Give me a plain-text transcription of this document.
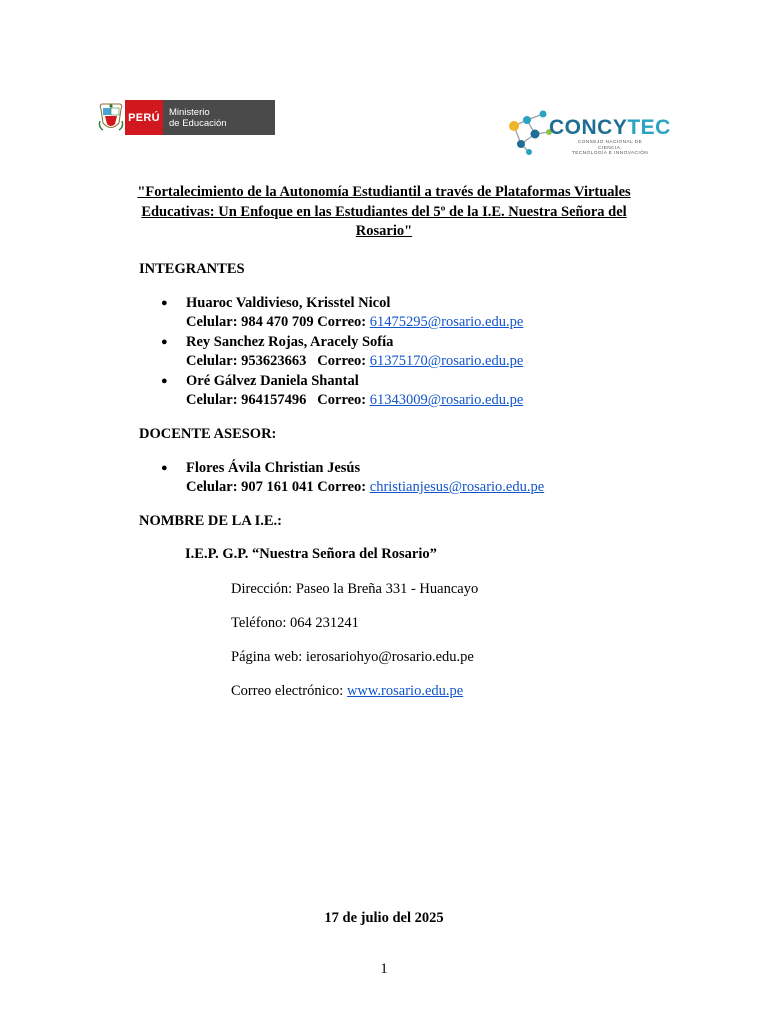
PERÚ Ministerio
de Educación	CONCYTEC
CONSEJO NACIONAL DE CIENCIA,
TECNOLOGÍA E INNOVACIÓN
"Fortalecimiento de la Autonomía Estudiantil a través de Plataformas Virtuales Educativas: Un Enfoque en las Estudiantes del 5º de la I.E. Nuestra Señora del Rosario"
INTEGRANTES
● Huaroc Valdivieso, Krisstel Nicol
Celular: 984 470 709 Correo: 61475295@rosario.edu.pe
● Rey Sanchez Rojas, Aracely Sofía
Celular: 953623663   Correo: 61375170@rosario.edu.pe
● Oré Gálvez Daniela Shantal
Celular: 964157496   Correo: 61343009@rosario.edu.pe
DOCENTE ASESOR:
● Flores Ávila Christian Jesús
Celular: 907 161 041 Correo: christianjesus@rosario.edu.pe
NOMBRE DE LA I.E.:
I.E.P. G.P. “Nuestra Señora del Rosario”
Dirección: Paseo la Breña 331 - Huancayo
Teléfono: 064 231241
Página web: ierosariohyo@rosario.edu.pe
Correo electrónico: www.rosario.edu.pe
17 de julio del 2025
1
